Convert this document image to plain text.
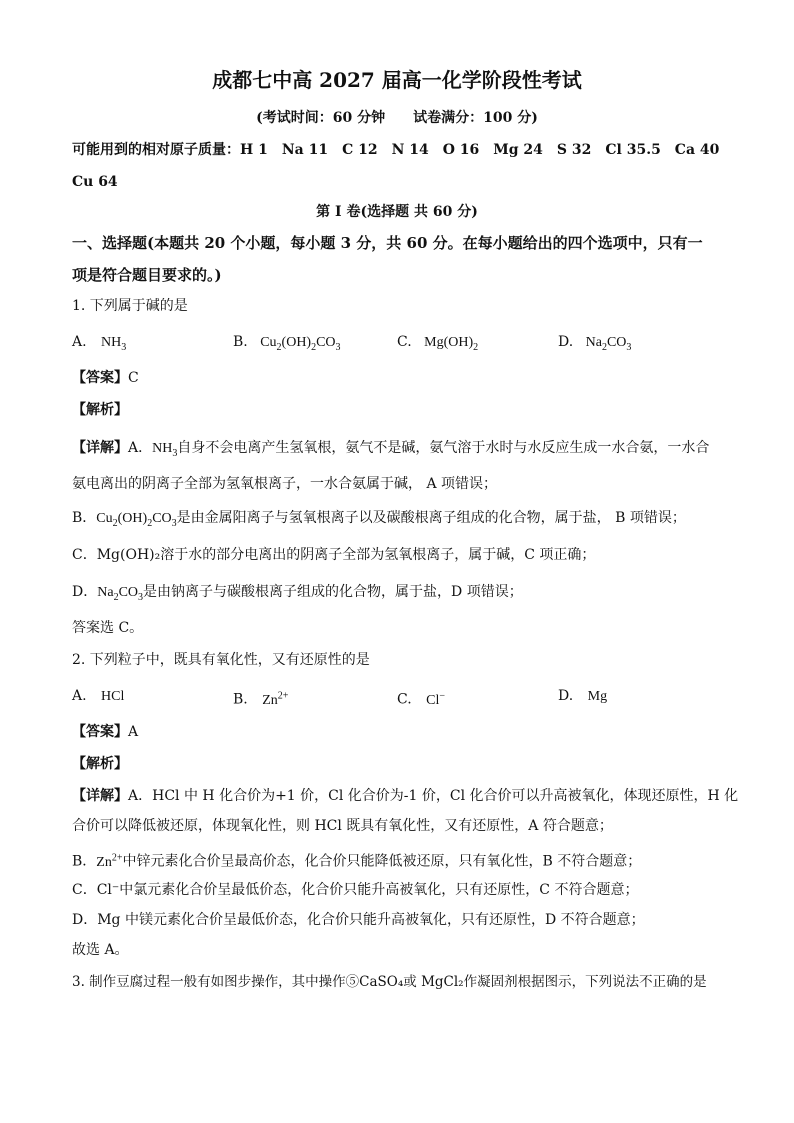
成都七中高 2027 届高一化学阶段性考试
(考试时间：60 分钟　　试卷满分：100 分)
可能用到的相对原子质量：H 1　Na 11　C 12　N 14　O 16　Mg 24　S 32　Cl 35.5　Ca 40
Cu 64
第 I 卷(选择题 共 60 分)
一、选择题(本题共 20 个小题，每小题 3 分，共 60 分。在每小题给出的四个选项中，只有一
项是符合题目要求的。)
1. 下列属于碱的是
A. $NH_3$	B. $Cu_2(OH)_2CO_3$	C. $Mg(OH)_2$	D. $Na_2CO_3$
【答案】C
【解析】
【详解】A．$NH_3$自身不会电离产生氢氧根，氨气不是碱，氨气溶于水时与水反应生成一水合氨，一水合
氨电离出的阴离子全部为氢氧根离子，一水合氨属于碱， A 项错误；
B．$Cu_2(OH)_2CO_3$是由金属阳离子与氢氧根离子以及碳酸根离子组成的化合物，属于盐， B 项错误；
C．Mg(OH)₂溶于水的部分电离出的阴离子全部为氢氧根离子，属于碱，C 项正确；
D．$Na_2CO_3$是由钠离子与碳酸根离子组成的化合物，属于盐，D 项错误；
答案选 C。
2. 下列粒子中，既具有氧化性，又有还原性的是
A. HCl	B. $Zn^{2+}$	C. Cl−	D. Mg
【答案】A
【解析】
【详解】A．HCl 中 H 化合价为+1 价，Cl 化合价为-1 价，Cl 化合价可以升高被氧化，体现还原性，H 化
合价可以降低被还原，体现氧化性，则 HCl 既具有氧化性，又有还原性，A 符合题意；
B．$Zn^{2+}$中锌元素化合价呈最高价态，化合价只能降低被还原，只有氧化性，B 不符合题意；
C．Cl⁻中氯元素化合价呈最低价态，化合价只能升高被氧化，只有还原性，C 不符合题意；
D．Mg 中镁元素化合价呈最低价态，化合价只能升高被氧化，只有还原性，D 不符合题意；
故选 A。
3. 制作豆腐过程一般有如图步操作，其中操作⑤CaSO₄或 MgCl₂作凝固剂根据图示，下列说法不正确的是
